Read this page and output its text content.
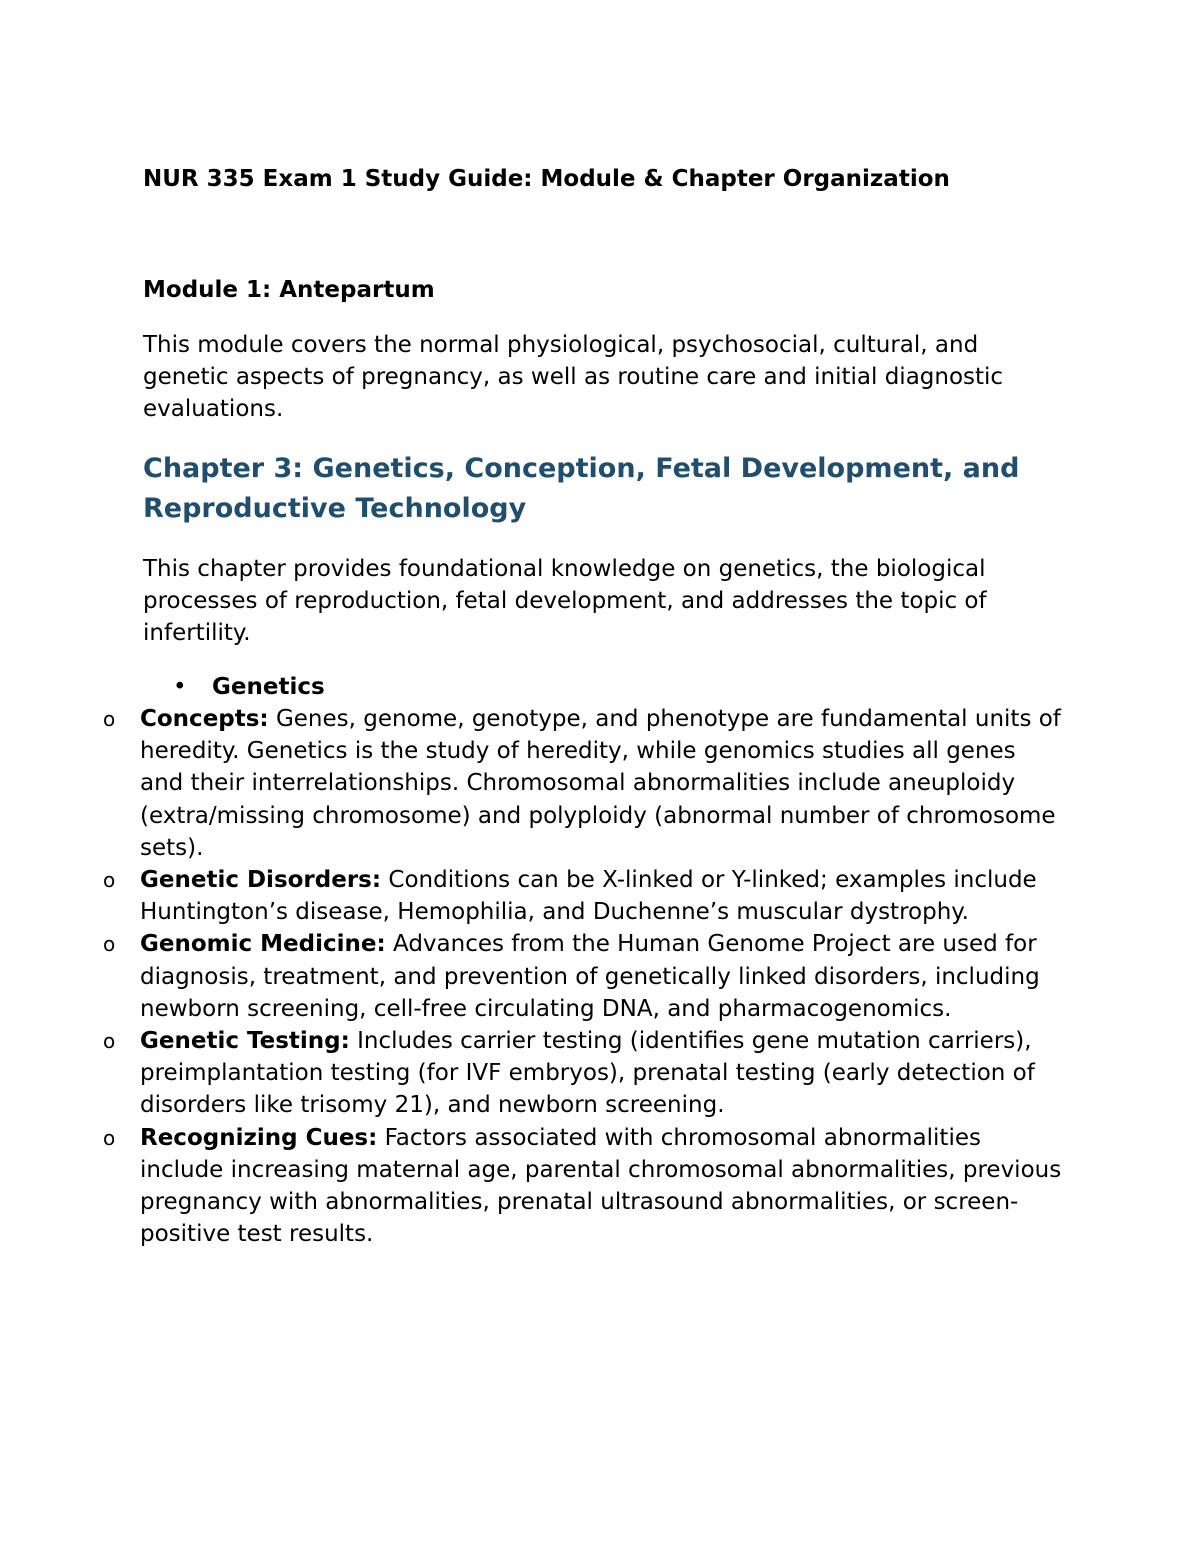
NUR 335 Exam 1 Study Guide: Module & Chapter Organization
Module 1: Antepartum

This module covers the normal physiological, psychosocial, cultural, and genetic aspects of pregnancy, as well as routine care and initial diagnostic evaluations.

Chapter 3: Genetics, Conception, Fetal Development, and Reproductive Technology

This chapter provides foundational knowledge on genetics, the biological processes of reproduction, fetal development, and addresses the topic of infertility.

• Genetics
o Concepts: Genes, genome, genotype, and phenotype are fundamental units of heredity. Genetics is the study of heredity, while genomics studies all genes and their interrelationships. Chromosomal abnormalities include aneuploidy (extra/missing chromosome) and polyploidy (abnormal number of chromosome sets).
o Genetic Disorders: Conditions can be X-linked or Y-linked; examples include Huntington’s disease, Hemophilia, and Duchenne’s muscular dystrophy.
o Genomic Medicine: Advances from the Human Genome Project are used for diagnosis, treatment, and prevention of genetically linked disorders, including newborn screening, cell-free circulating DNA, and pharmacogenomics.
o Genetic Testing: Includes carrier testing (identifies gene mutation carriers), preimplantation testing (for IVF embryos), prenatal testing (early detection of disorders like trisomy 21), and newborn screening.
o Recognizing Cues: Factors associated with chromosomal abnormalities include increasing maternal age, parental chromosomal abnormalities, previous pregnancy with abnormalities, prenatal ultrasound abnormalities, or screen-positive test results.
